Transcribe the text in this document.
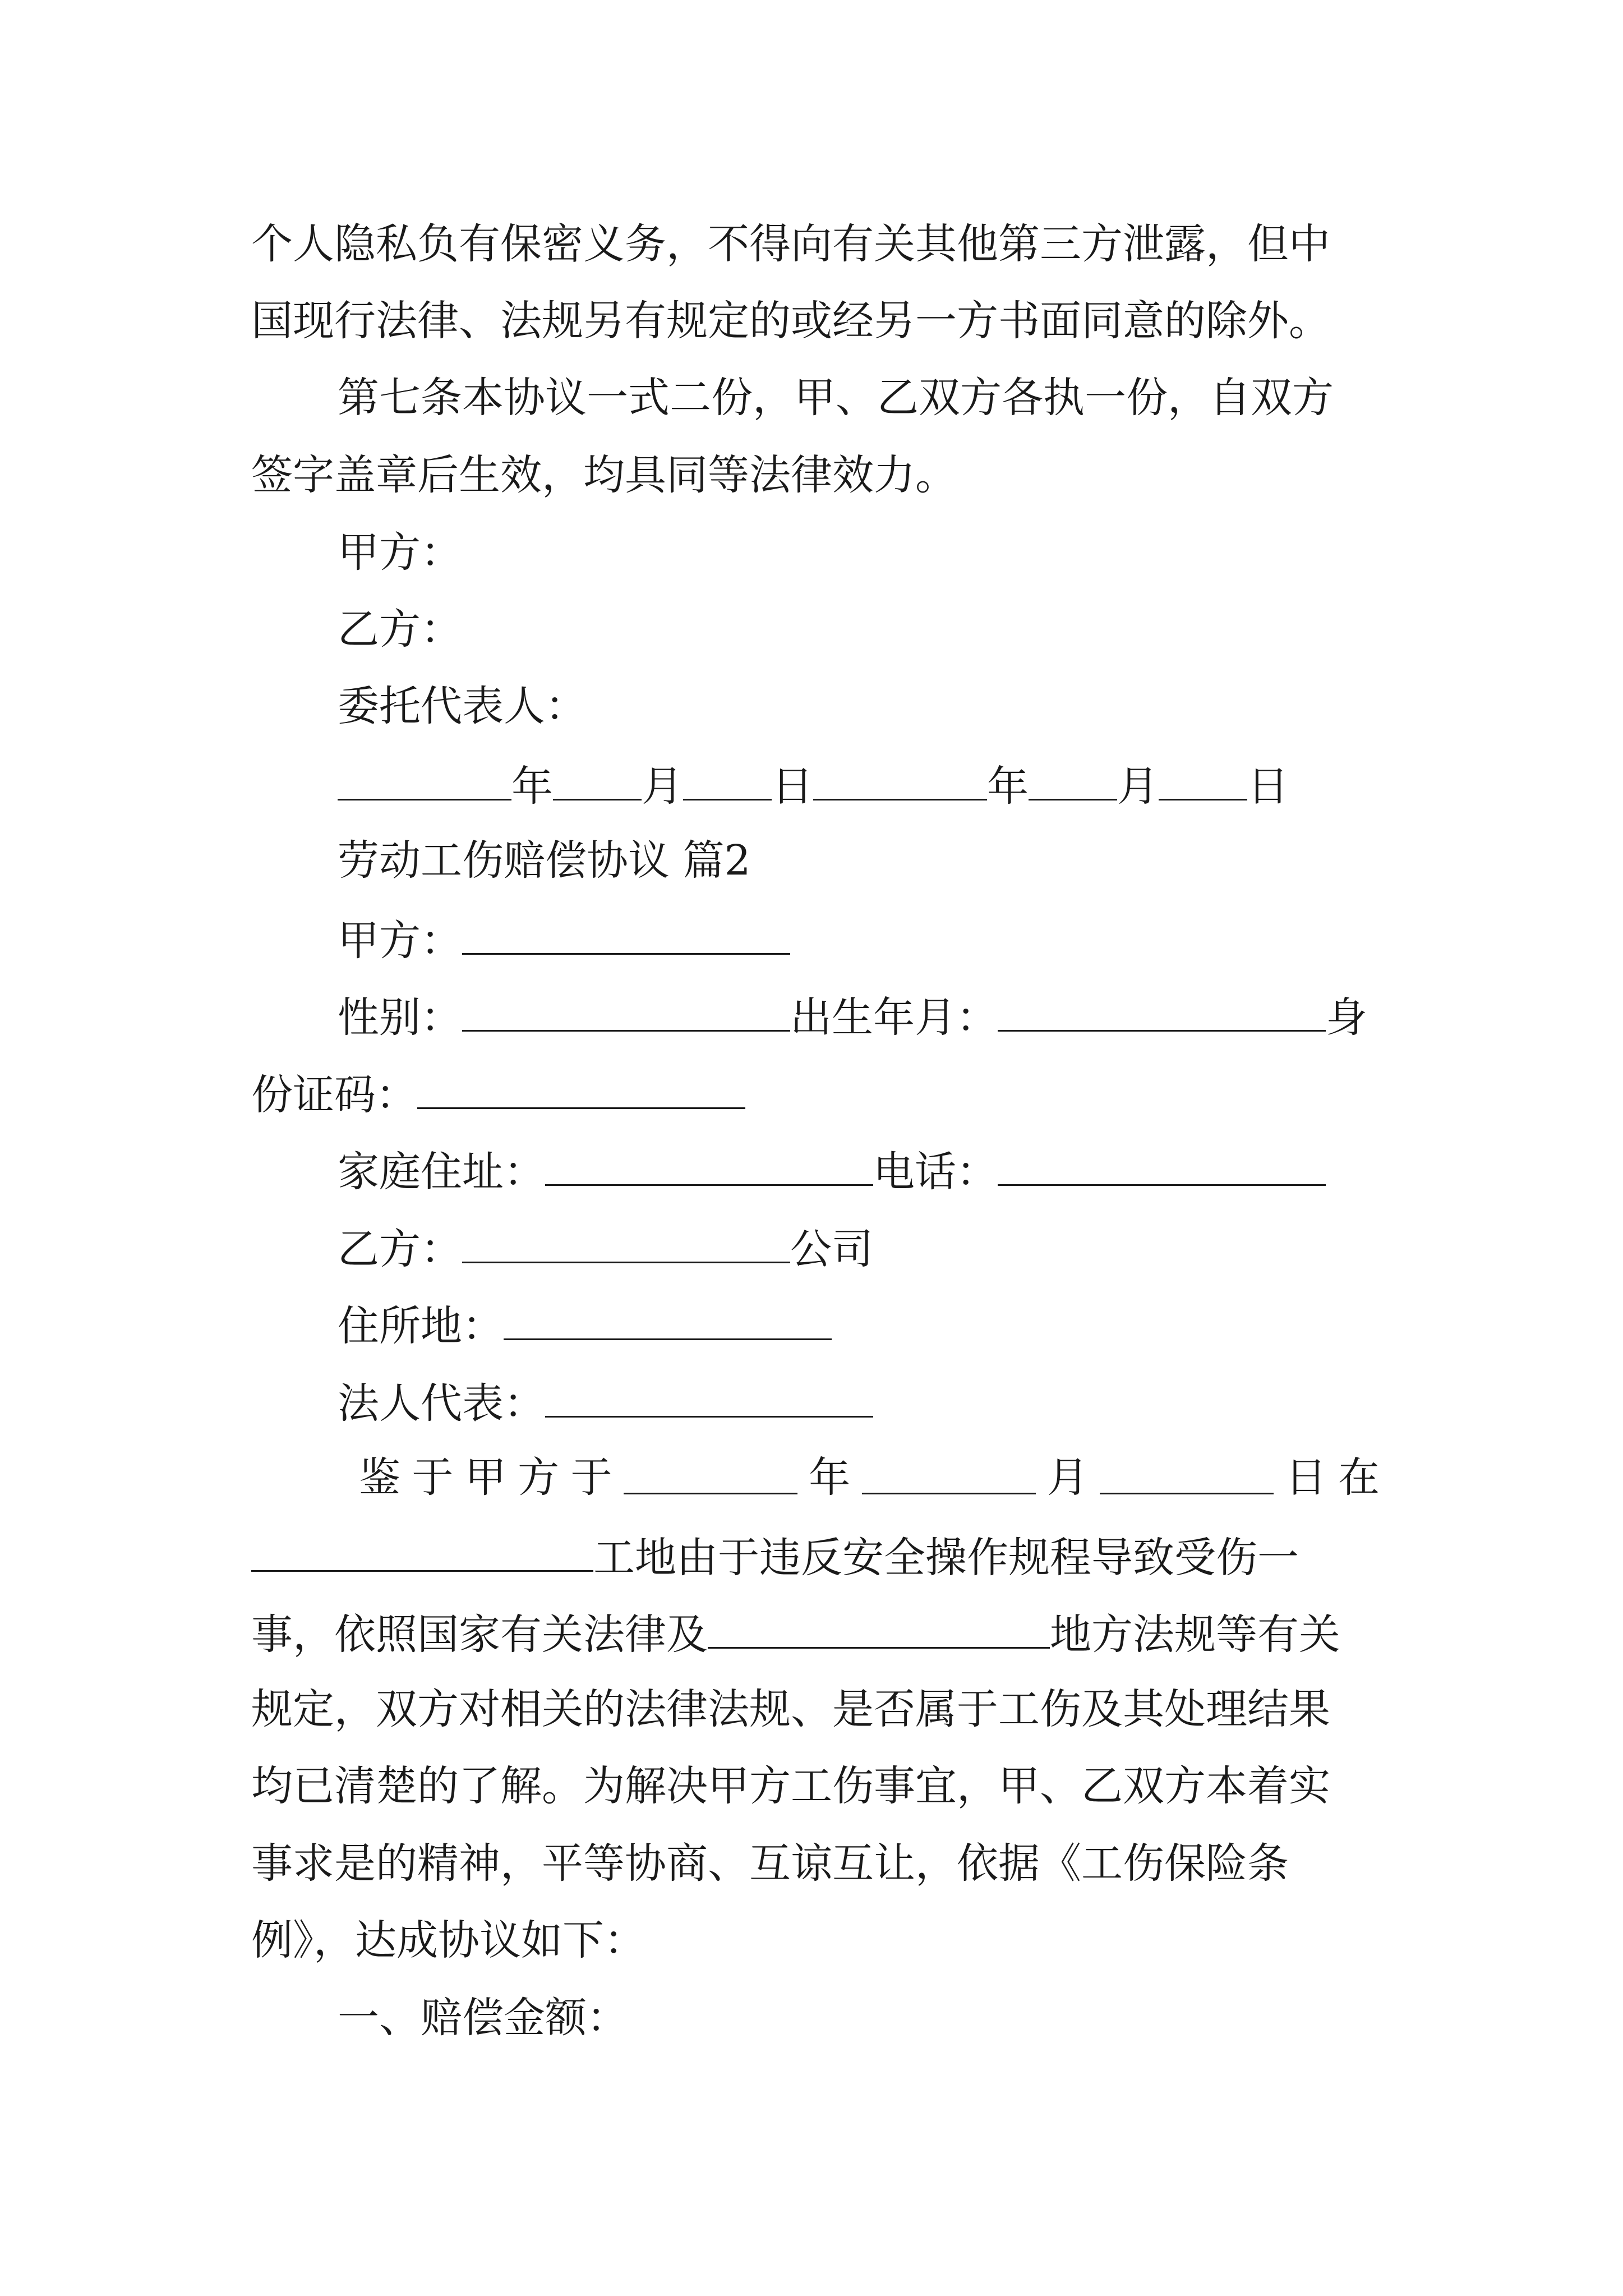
个人隐私负有保密义务，不得向有关其他第三方泄露，但中
国现行法律、法规另有规定的或经另一方书面同意的除外。
第七条本协议一式二份，甲、乙双方各执一份，自双方
签字盖章后生效，均具同等法律效力。
甲方：
乙方：
委托代表人：
年 月 日	年 月 日
劳动工伤赔偿协议 篇2
甲方：
性别：	出生年月：	身
份证码：
家庭住址：	电话：
乙方：	公司
住所地：
法人代表：
鉴 于 甲 方 于	年	月	日 在
工地由于违反安全操作规程导致受伤一
事，依照国家有关法律及	地方法规等有关
规定，双方对相关的法律法规、是否属于工伤及其处理结果
均已清楚的了解。为解决甲方工伤事宜，甲、乙双方本着实
事求是的精神，平等协商、互谅互让，依据《工伤保险条
例》，达成协议如下：
一、赔偿金额：
